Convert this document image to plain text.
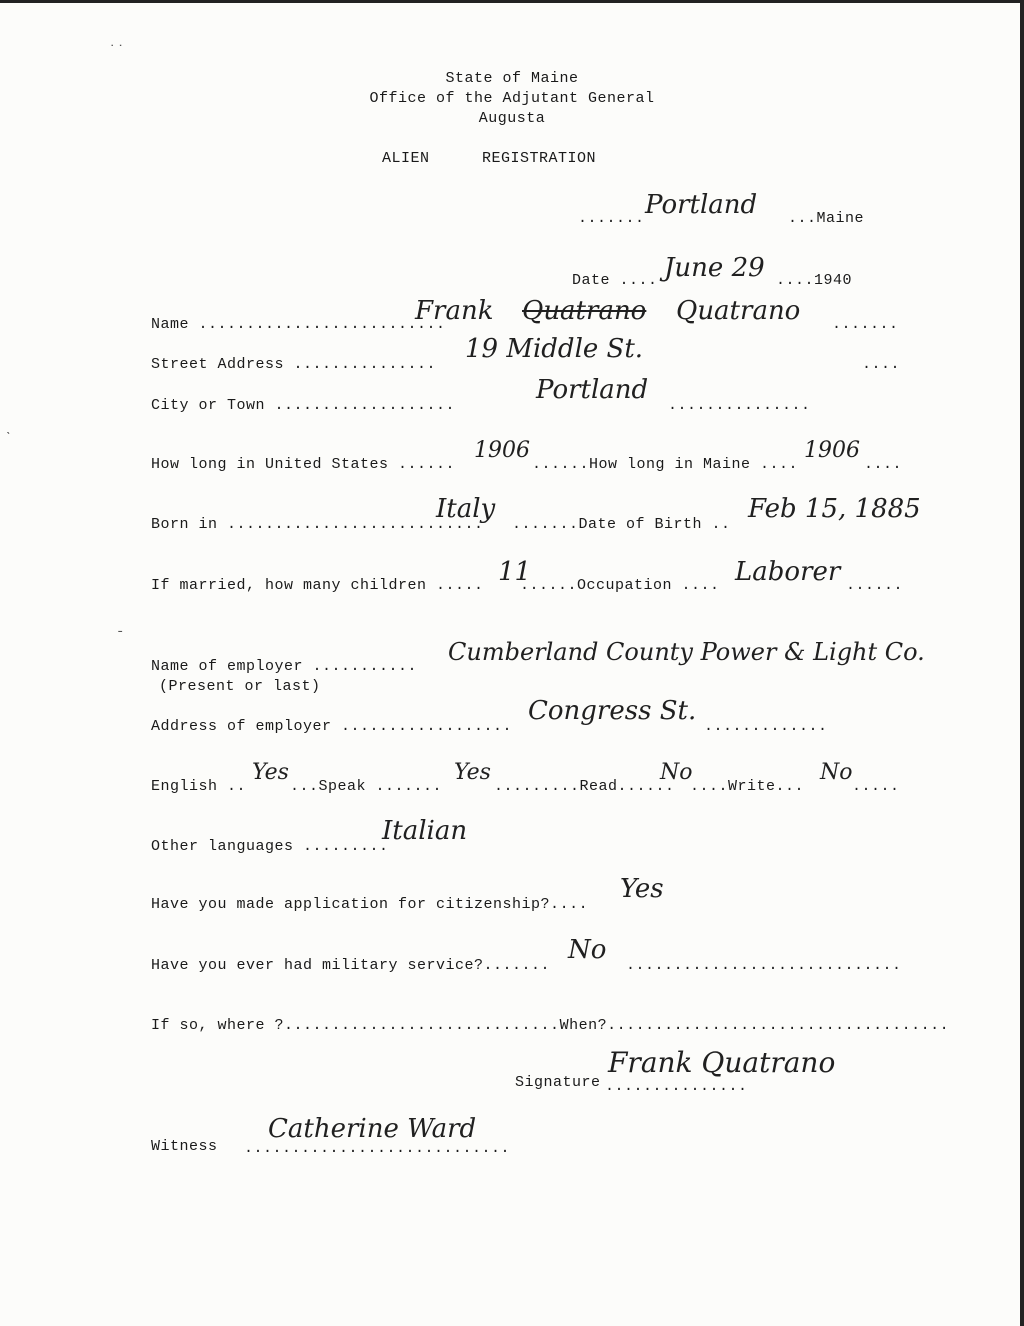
˙˙
ˎ
-
State of Maine
Office of the Adjutant General
Augusta
ALIEN	REGISTRATION
....... Portland ...Maine
Date .... June 29 ....1940
Name ..........................
Frank Quatrano Quatrano .......
Street Address ...............
19 Middle St.
....
City or Town ...................
Portland
...............
How long in United States ......
1906
......How long in Maine ....
1906
....
Born in ...........................
Italy
.......Date of Birth ..
Feb 15, 1885
If married, how many children ..... 11
......Occupation .... Laborer ......
Name of employer ...........
(Present or last)
Cumberland County Power & Light Co.
Address of employer ..................
Congress St.
.............
English ..
Yes
...Speak .......
Yes
.........Read......
No
....Write...
No
.....
Other languages .........
Italian
Have you made application for citizenship?....
Yes
Have you ever had military service?.......
No
.............................
If so, where ?.............................When?....................................
Signature ...............
Frank Quatrano
Witness ............................
Catherine Ward
